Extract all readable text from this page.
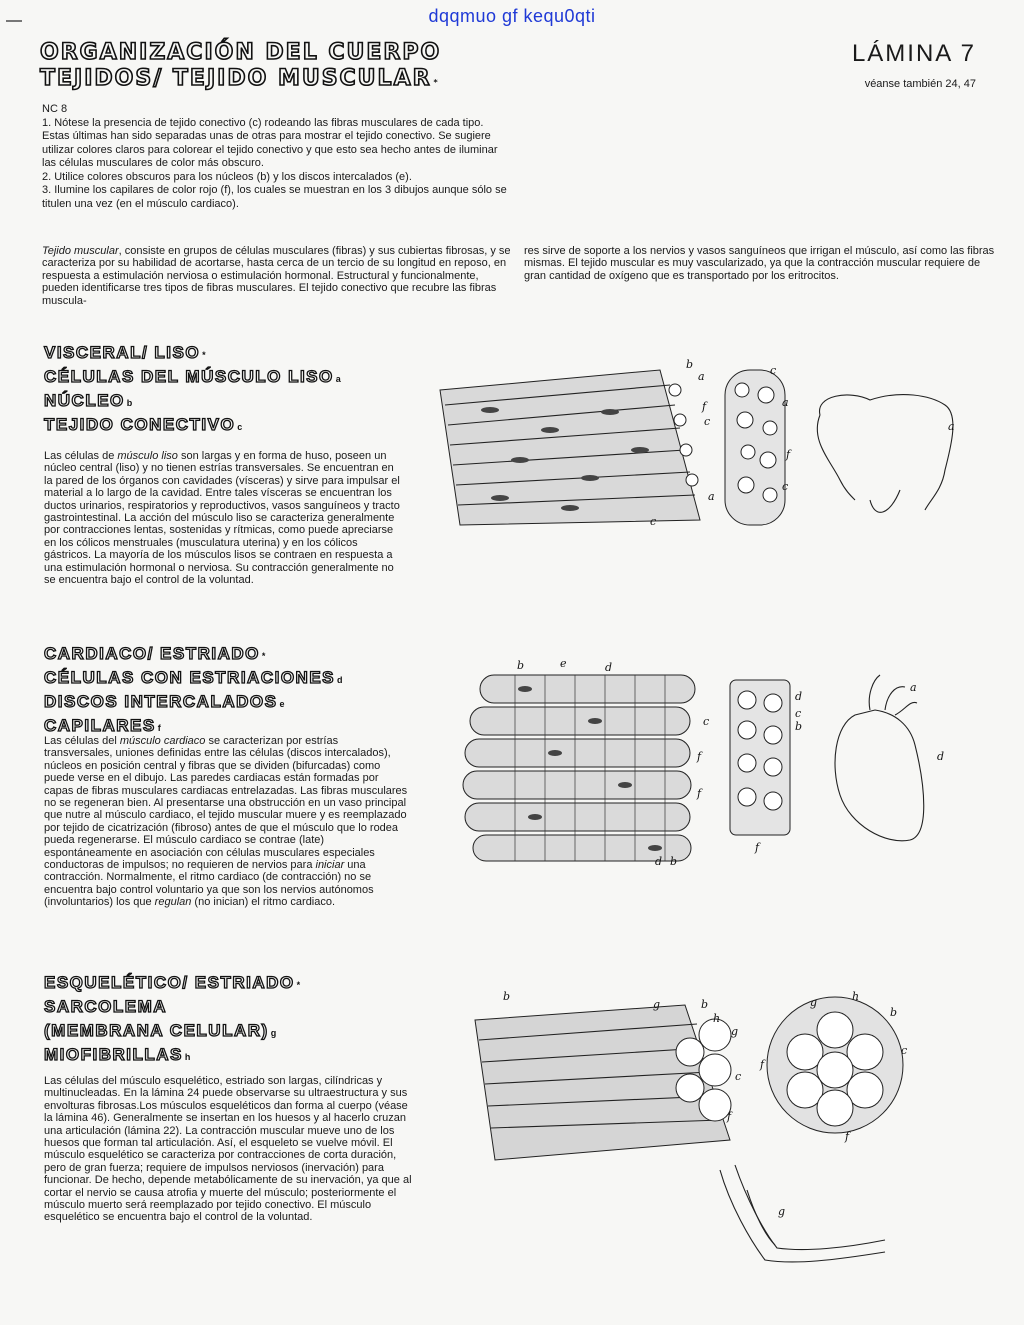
dqqmuo gf kequ0qti
ORGANIZACIÓN DEL CUERPO
TEJIDOS/ TEJIDO MUSCULAR *
LÁMINA 7
véanse también 24, 47

NC 8

1. Nótese la presencia de tejido conectivo (c) rodeando las fibras musculares de cada tipo. Estas últimas han sido separadas unas de otras para mostrar el tejido conectivo. Se sugiere utilizar colores claros para colorear el tejido conectivo y que esto sea hecho antes de iluminar las células musculares de color más obscuro.

2. Utilice colores obscuros para los núcleos (b) y los discos intercalados (e).

3. Ilumine los capilares de color rojo (f), los cuales se muestran en los 3 dibujos aunque sólo se titulen una vez (en el músculo cardiaco).

Tejido muscular, consiste en grupos de células musculares (fibras) y sus cubiertas fibrosas, y se caracteriza por su habilidad de acortarse, hasta cerca de un tercio de su longitud en reposo, en respuesta a estimulación nerviosa o estimulación hormonal. Estructural y funcionalmente, pueden identificarse tres tipos de fibras musculares. El tejido conectivo que recubre las fibras muscula-

res sirve de soporte a los nervios y vasos sanguíneos que irrigan el músculo, así como las fibras mismas. El tejido muscular es muy vascularizado, ya que la contracción muscular requiere de gran cantidad de oxígeno que es transportado por los eritrocitos.

VISCERAL/ LISO *
CÉLULAS DEL MÚSCULO LISO a
NÚCLEO b
TEJIDO CONECTIVO c

Las células de músculo liso son largas y en forma de huso, poseen un núcleo central (liso) y no tienen estrías transversales. Se encuentran en la pared de los órganos con cavidades (vísceras) y sirve para impulsar el material a lo largo de la cavidad. Entre tales vísceras se encuentran los ductos urinarios, respiratorios y reproductivos, vasos sanguíneos y tracto gastrointestinal. La acción del músculo liso se caracteriza generalmente por contracciones lentas, sostenidas y rítmicas, como puede apreciarse en los cólicos menstruales (musculatura uterina) y en los cólicos gástricos. La mayoría de los músculos lisos se contraen en respuesta a una estimulación hormonal o nerviosa. Su contracción generalmente no se encuentra bajo el control de la voluntad.

CARDIACO/ ESTRIADO *
CÉLULAS CON ESTRIACIONES d
DISCOS INTERCALADOS e
CAPILARES f

Las células del músculo cardiaco se caracterizan por estrías transversales, uniones definidas entre las células (discos intercalados), núcleos en posición central y fibras que se dividen (bifurcadas) como puede verse en el dibujo. Las paredes cardiacas están formadas por capas de fibras musculares cardiacas entrelazadas. Las fibras musculares no se regeneran bien. Al presentarse una obstrucción en un vaso principal que nutre al músculo cardiaco, el tejido muscular muere y es reemplazado por tejido de cicatrización (fibroso) antes de que el músculo que lo rodea pueda regenerarse. El músculo cardiaco se contrae (late) espontáneamente en asociación con células musculares especiales conductoras de impulsos; no requieren de nervios para iniciar una contracción. Normalmente, el ritmo cardiaco (de contracción) no se encuentra bajo control voluntario ya que son los nervios autónomos (involuntarios) los que regulan (no inician) el ritmo cardiaco.

ESQUELÉTICO/ ESTRIADO *
SARCOLEMA
(MEMBRANA CELULAR) g
MIOFIBRILLAS h

Las células del músculo esquelético, estriado son largas, cilíndricas y multinucleadas. En la lámina 24 puede observarse su ultraestructura y sus envolturas fibrosas.Los músculos esqueléticos dan forma al cuerpo (véase la lámina 46). Generalmente se insertan en los huesos y al hacerlo cruzan una articulación (lámina 22). La contracción muscular mueve uno de los huesos que forman tal articulación. Así, el esqueleto se vuelve móvil. El músculo esquelético se caracteriza por contracciones de corta duración, pero de gran fuerza; requiere de impulsos nerviosos (inervación) para funcionar. De hecho, depende metabólicamente de su inervación, ya que al cortar el nervio se causa atrofia y muerte del músculo; posteriormente el músculo muerto será reemplazado por tejido conectivo. El músculo esquelético se encuentra bajo el control de la voluntad.

b
a
f
c
c
a
f
c
a
c
a
b	e	d
c
f
f
d b
d
c
b
f
d
a
b
g	b
h
g
c
f
g	h
b
c
f
f
g
